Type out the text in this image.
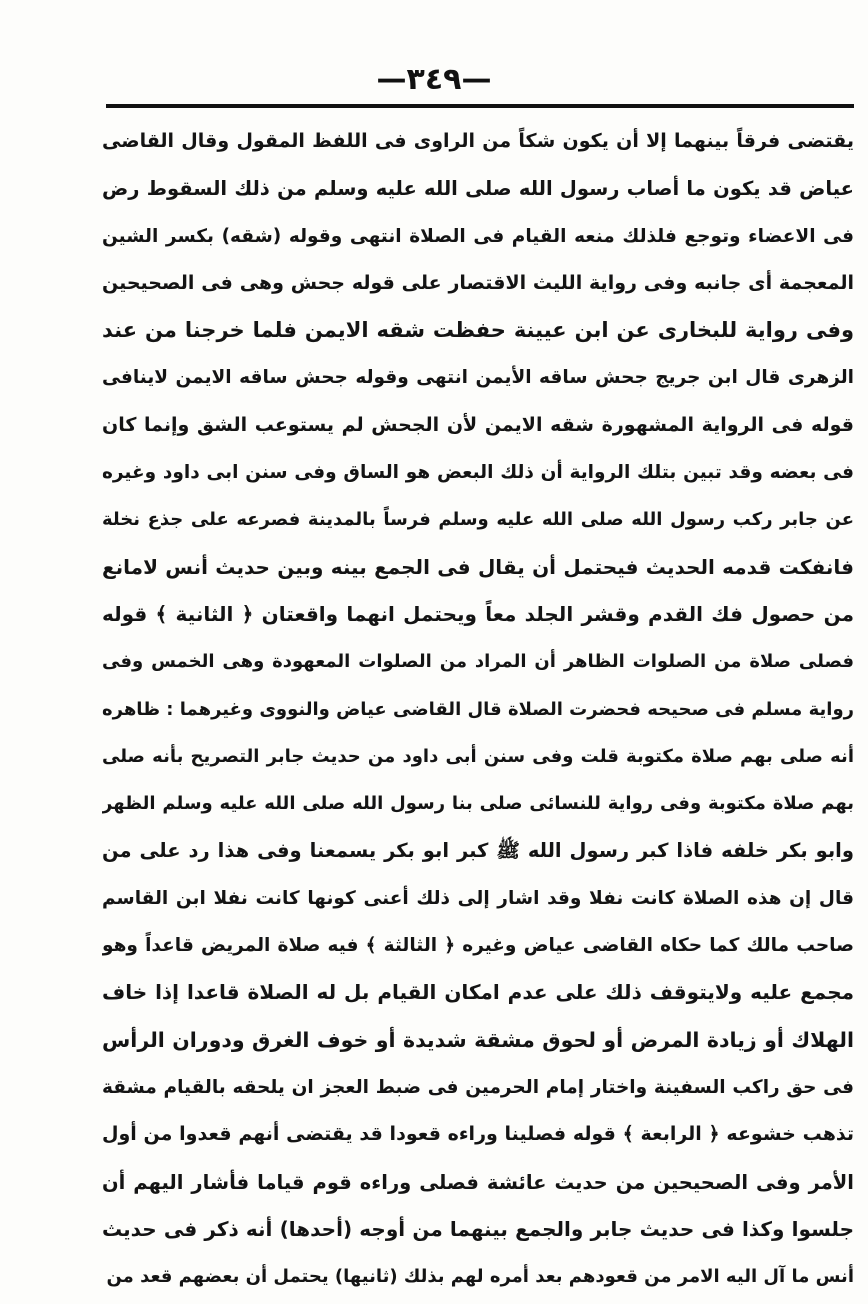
—٣٤٩—
يقتضى فرقاً بينهما إلا أن يكون شكاً من الراوى فى اللفظ المقول وقال القاضى
عياض قد يكون ما أصاب رسول الله صلى الله عليه وسلم من ذلك السقوط رض
فى الاعضاء وتوجع فلذلك منعه القيام فى الصلاة انتهى وقوله (شقه) بكسر الشين
المعجمة أى جانبه وفى رواية الليث الاقتصار على قوله جحش وهى فى الصحيحين
وفى رواية للبخارى عن ابن عيينة حفظت شقه الايمن فلما خرجنا من عند
الزهرى قال ابن جريج جحش ساقه الأيمن انتهى وقوله جحش ساقه الايمن لاينافى
قوله فى الرواية المشهورة شقه الايمن لأن الجحش لم يستوعب الشق وإنما كان
فى بعضه وقد تبين بتلك الرواية أن ذلك البعض هو الساق وفى سنن ابى داود وغيره
عن جابر ركب رسول الله صلى الله عليه وسلم فرساً بالمدينة فصرعه على جذع نخلة
فانفكت قدمه الحديث فيحتمل أن يقال فى الجمع بينه وبين حديث أنس لامانع
من حصول فك القدم وقشر الجلد معاً ويحتمل انهما واقعتان ﴿ الثانية ﴾ قوله
فصلى صلاة من الصلوات الظاهر أن المراد من الصلوات المعهودة وهى الخمس وفى
رواية مسلم فى صحيحه فحضرت الصلاة قال القاضى عياض والنووى وغيرهما : ظاهره
أنه صلى بهم صلاة مكتوبة قلت وفى سنن أبى داود من حديث جابر التصريح بأنه صلى
بهم صلاة مكتوبة وفى رواية للنسائى صلى بنا رسول الله صلى الله عليه وسلم الظهر
وابو بكر خلفه فاذا كبر رسول الله ﷺ كبر ابو بكر يسمعنا وفى هذا رد على من
قال إن هذه الصلاة كانت نفلا وقد اشار إلى ذلك أعنى كونها كانت نفلا ابن القاسم
صاحب مالك كما حكاه القاضى عياض وغيره ﴿ الثالثة ﴾ فيه صلاة المريض قاعداً وهو
مجمع عليه ولايتوقف ذلك على عدم امكان القيام بل له الصلاة قاعدا إذا خاف
الهلاك أو زيادة المرض أو لحوق مشقة شديدة أو خوف الغرق ودوران الرأس
فى حق راكب السفينة واختار إمام الحرمين فى ضبط العجز ان يلحقه بالقيام مشقة
تذهب خشوعه ﴿ الرابعة ﴾ قوله فصلينا وراءه قعودا قد يقتضى أنهم قعدوا من أول
الأمر وفى الصحيحين من حديث عائشة فصلى وراءه قوم قياما فأشار اليهم أن
جلسوا وكذا فى حديث جابر والجمع بينهما من أوجه (أحدها) أنه ذكر فى حديث
أنس ما آل اليه الامر من قعودهم بعد أمره لهم بذلك (ثانيها) يحتمل أن بعضهم قعد من
